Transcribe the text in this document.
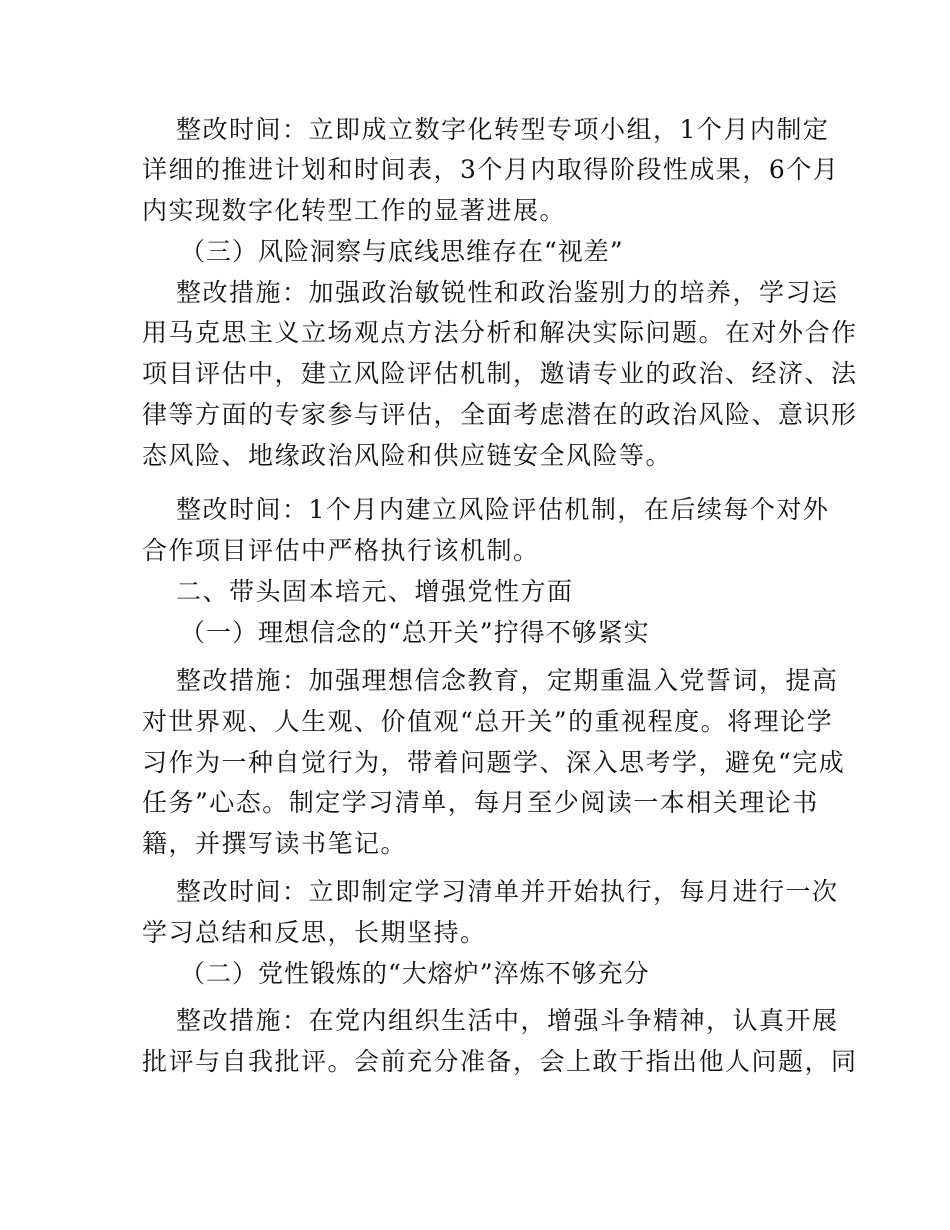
整改时间：立即成立数字化转型专项小组，1个月内制定
详细的推进计划和时间表，3个月内取得阶段性成果，6个月
内实现数字化转型工作的显著进展。
（三）风险洞察与底线思维存在“视差”
整改措施：加强政治敏锐性和政治鉴别力的培养，学习运
用马克思主义立场观点方法分析和解决实际问题。在对外合作
项目评估中，建立风险评估机制，邀请专业的政治、经济、法
律等方面的专家参与评估，全面考虑潜在的政治风险、意识形
态风险、地缘政治风险和供应链安全风险等。
整改时间：1个月内建立风险评估机制，在后续每个对外
合作项目评估中严格执行该机制。
二、带头固本培元、增强党性方面
（一）理想信念的“总开关”拧得不够紧实
整改措施：加强理想信念教育，定期重温入党誓词，提高
对世界观、人生观、价值观“总开关”的重视程度。将理论学
习作为一种自觉行为，带着问题学、深入思考学，避免“完成
任务”心态。制定学习清单，每月至少阅读一本相关理论书
籍，并撰写读书笔记。
整改时间：立即制定学习清单并开始执行，每月进行一次
学习总结和反思，长期坚持。
（二）党性锻炼的“大熔炉”淬炼不够充分
整改措施：在党内组织生活中，增强斗争精神，认真开展
批评与自我批评。会前充分准备，会上敢于指出他人问题，同
